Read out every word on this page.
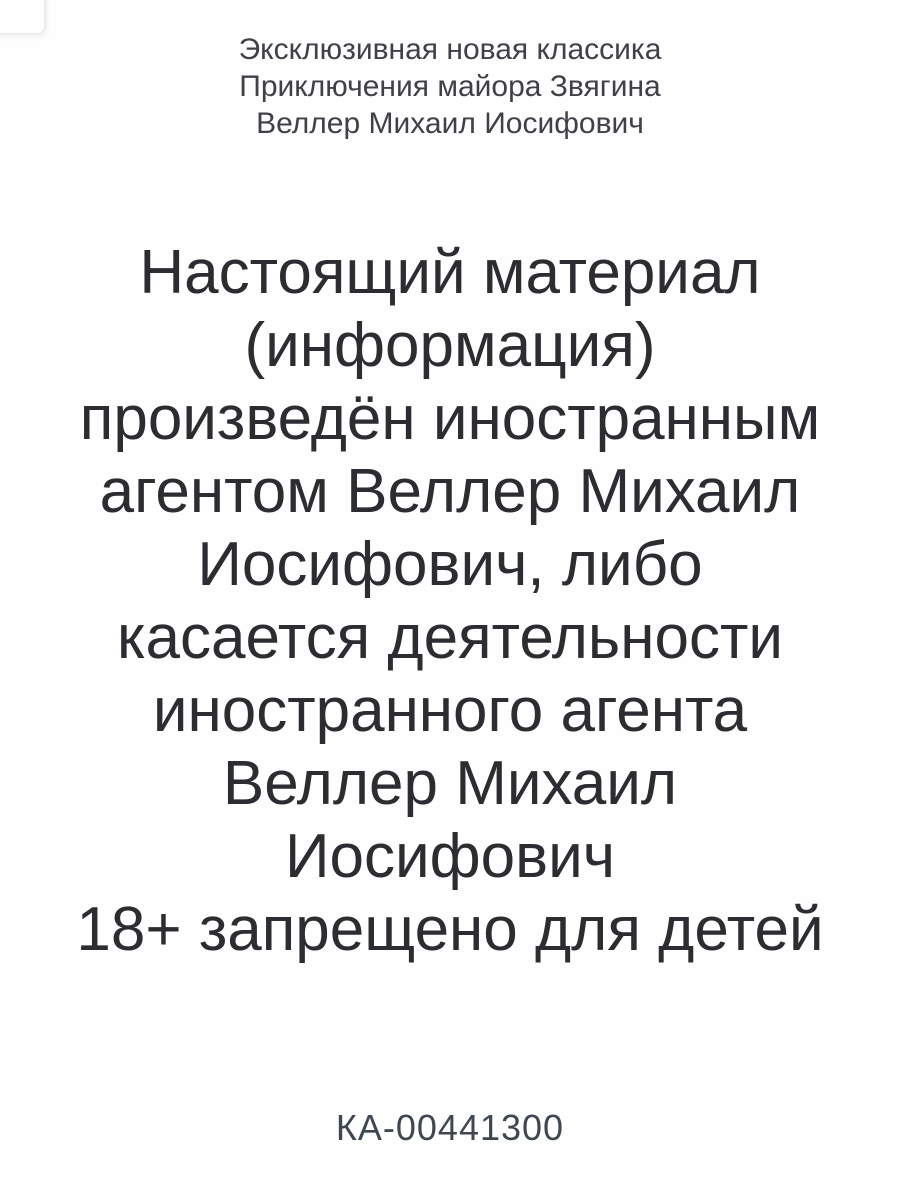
Эксклюзивная новая классика
Приключения майора Звягина
Веллер Михаил Иосифович
Настоящий материал
(информация)
произведён иностранным
агентом Веллер Михаил
Иосифович, либо
касается деятельности
иностранного агента
Веллер Михаил
Иосифович
18+ запрещено для детей
КА-00441300
